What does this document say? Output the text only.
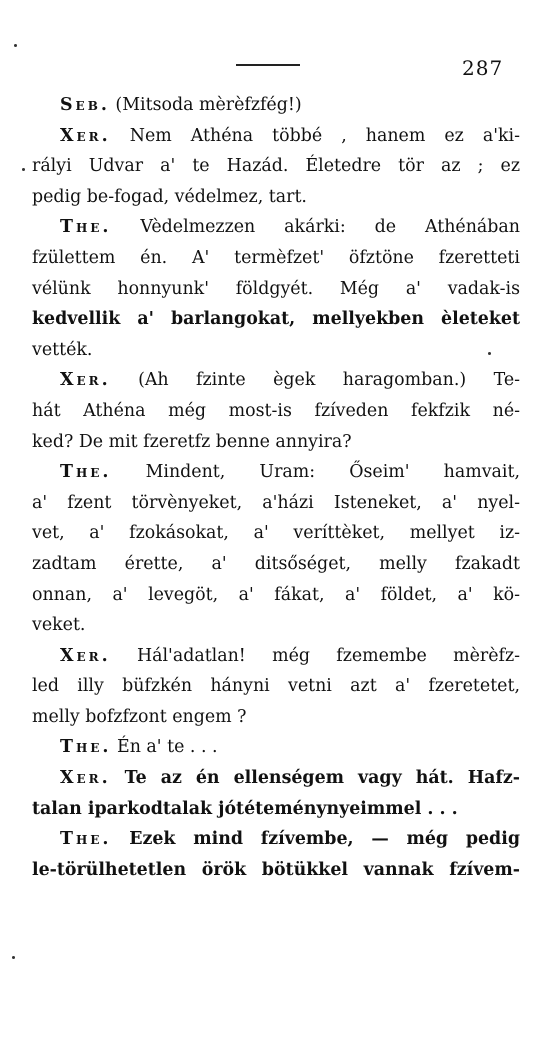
287
Seb. (Mitsoda mèrèfzfég!)
Xer. Nem Athéna többé , hanem ez a'ki-
rályi Udvar a' te Hazád. Életedre tör az ; ez
pedig be-fogad, védelmez, tart.
The. Vèdelmezzen akárki: de Athénában
fzülettem én. A' termèfzet' öfztöne fzeretteti
vélünk honnyunk' földgyét. Még a' vadak-is
kedvellik a' barlangokat, mellyekben èleteket
vették.
Xer. (Ah fzinte ègek haragomban.) Te-
hát Athéna még most-is fzíveden fekfzik né-
ked? De mit fzeretfz benne annyira?
The. Mindent, Uram: Őseim' hamvait,
a' fzent törvènyeket, a'házi Isteneket, a' nyel-
vet, a' fzokásokat, a' veríttèket, mellyet iz-
zadtam érette, a' ditsőséget, melly fzakadt
onnan, a' levegöt, a' fákat, a' földet, a' kö-
veket.
Xer. Hál'adatlan! még fzemembe mèrèfz-
led illy büfzkén hányni vetni azt a' fzeretetet,
melly bofzfzont engem ?
The. Én a' te . . .
Xer. Te az én ellenségem vagy hát. Hafz-
talan iparkodtalak jótéteménynyeimmel . . .
The. Ezek mind fzívembe, — még pedig
le-törülhetetlen örök bötükkel vannak fzívem-
